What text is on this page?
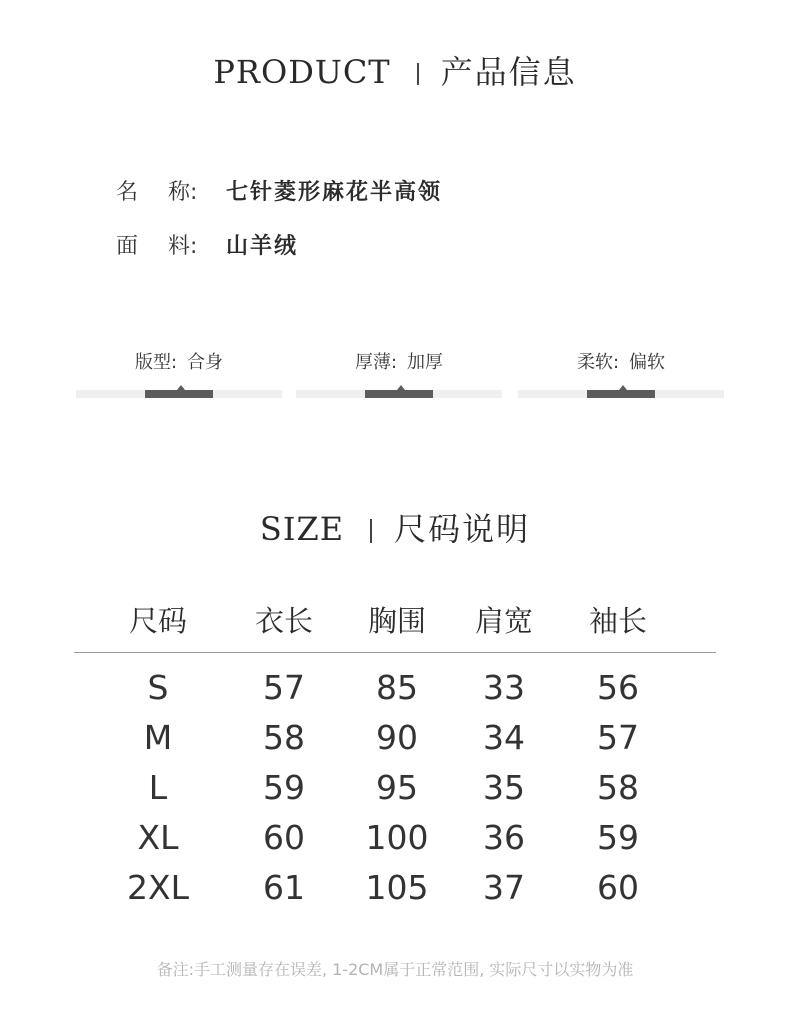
PRODUCT 产品信息
名 称: 七针菱形麻花半高领
面 料: 山羊绒
版型: 合身	厚薄: 加厚	柔软: 偏软
SIZE 尺码说明
尺码	衣长	胸围	肩宽	袖长
S	57	85	33	56
M	58	90	34	57
L	59	95	35	58
XL	60	100	36	59
2XL	61	105	37	60
备注:手工测量存在误差, 1-2CM属于正常范围, 实际尺寸以实物为准
